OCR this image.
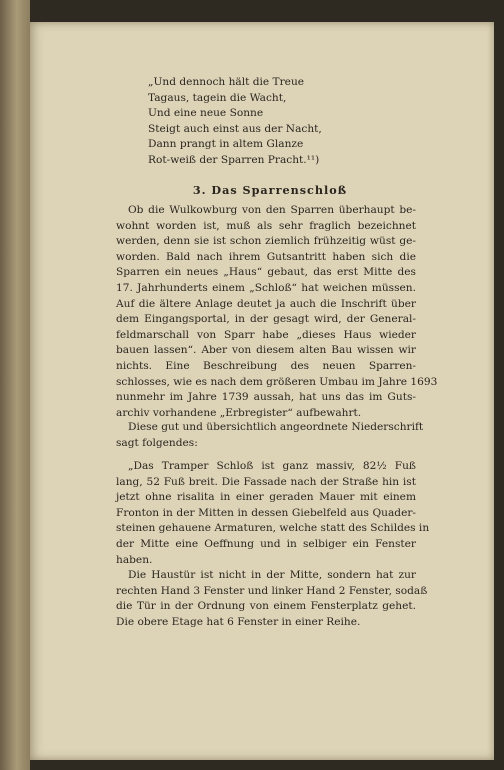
„Und dennoch hält die Treue
Tagaus, tagein die Wacht,
Und eine neue Sonne
Steigt auch einst aus der Nacht,
Dann prangt in altem Glanze
Rot-weiß der Sparren Pracht.¹¹)
3. Das Sparrenschloß
Ob die Wulkowburg von den Sparren überhaupt be-
wohnt worden ist, muß als sehr fraglich bezeichnet
werden, denn sie ist schon ziemlich frühzeitig wüst ge-
worden. Bald nach ihrem Gutsantritt haben sich die
Sparren ein neues „Haus“ gebaut, das erst Mitte des
17. Jahrhunderts einem „Schloß“ hat weichen müssen.
Auf die ältere Anlage deutet ja auch die Inschrift über
dem Eingangsportal, in der gesagt wird, der General-
feldmarschall von Sparr habe „dieses Haus wieder
bauen lassen“. Aber von diesem alten Bau wissen wir
nichts. Eine Beschreibung des neuen Sparren-
schlosses, wie es nach dem größeren Umbau im Jahre 1693
nunmehr im Jahre 1739 aussah, hat uns das im Guts-
archiv vorhandene „Erbregister“ aufbewahrt.
Diese gut und übersichtlich angeordnete Niederschrift
sagt folgendes:
„Das Tramper Schloß ist ganz massiv, 82½ Fuß
lang, 52 Fuß breit. Die Fassade nach der Straße hin ist
jetzt ohne risalita in einer geraden Mauer mit einem
Fronton in der Mitten in dessen Giebelfeld aus Quader-
steinen gehauene Armaturen, welche statt des Schildes in
der Mitte eine Oeffnung und in selbiger ein Fenster
haben.
Die Haustür ist nicht in der Mitte, sondern hat zur
rechten Hand 3 Fenster und linker Hand 2 Fenster, sodaß
die Tür in der Ordnung von einem Fensterplatz gehet.
Die obere Etage hat 6 Fenster in einer Reihe.
